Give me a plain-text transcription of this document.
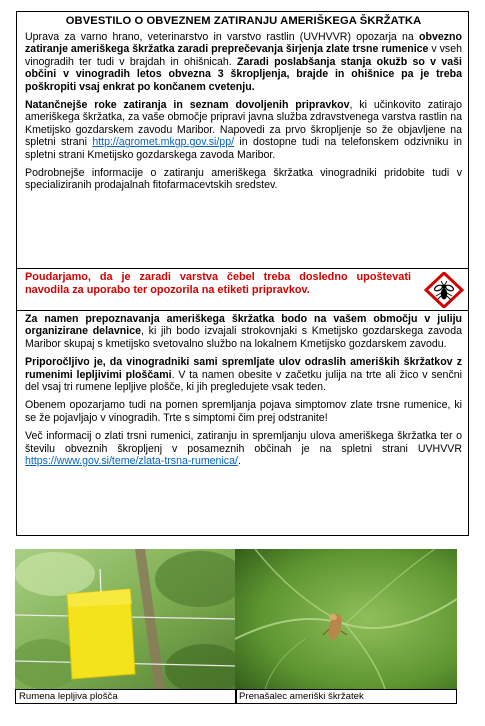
OBVESTILO O OBVEZNEM ZATIRANJU AMERIŠKEGA ŠKRŽATKA

Uprava za varno hrano, veterinarstvo in varstvo rastlin (UVHVVR) opozarja na obvezno zatiranje ameriškega škržatka zaradi preprečevanja širjenja zlate trsne rumenice v vseh vinogradih ter tudi v brajdah in ohišnicah. Zaradi poslabšanja stanja okužb so v vaši občini v vinogradih letos obvezna 3 škropljenja, brajde in ohišnice pa je treba poškropiti vsaj enkrat po končanem cvetenju.

Natančnejše roke zatiranja in seznam dovoljenih pripravkov, ki učinkovito zatirajo ameriškega škržatka, za vaše območje pripravi javna služba zdravstvenega varstva rastlin na Kmetijsko gozdarskem zavodu Maribor. Napovedi za prvo škropljenje so že objavljene na spletni strani http://agromet.mkgp.gov.si/pp/ in dostopne tudi na telefonskem odzivniku in spletni strani Kmetijsko gozdarskega zavoda Maribor.

Podrobnejše informacije o zatiranju ameriškega škržatka vinogradniki pridobite tudi v specializiranih prodajalnah fitofarmacevtskih sredstev.

Poudarjamo, da je zaradi varstva čebel treba dosledno upoštevati navodila za uporabo ter opozorila na etiketi pripravkov.

Za namen prepoznavanja ameriškega škržatka bodo na vašem območju v juliju organizirane delavnice, ki jih bodo izvajali strokovnjaki s Kmetijsko gozdarskega zavoda Maribor skupaj s kmetijsko svetovalno službo na lokalnem Kmetijsko gozdarskem zavodu.

Priporočljivo je, da vinogradniki sami spremljate ulov odraslih ameriških škržatkov z rumenimi lepljivimi ploščami. V ta namen obesite v začetku julija na trte ali žico v senčni del vsaj tri rumene lepljive plošče, ki jih pregledujete vsak teden.

Obenem opozarjamo tudi na pomen spremljanja pojava simptomov zlate trsne rumenice, ki se že pojavljajo v vinogradih. Trte s simptomi čim prej odstranite!

Več informacij o zlati trsni rumenici, zatiranju in spremljanju ulova ameriškega škržatka ter o številu obveznih škropljenj v posameznih občinah je na spletni strani UVHVVR https://www.gov.si/teme/zlata-trsna-rumenica/.

Rumena lepljiva plošča	Prenašalec ameriški škržatek
